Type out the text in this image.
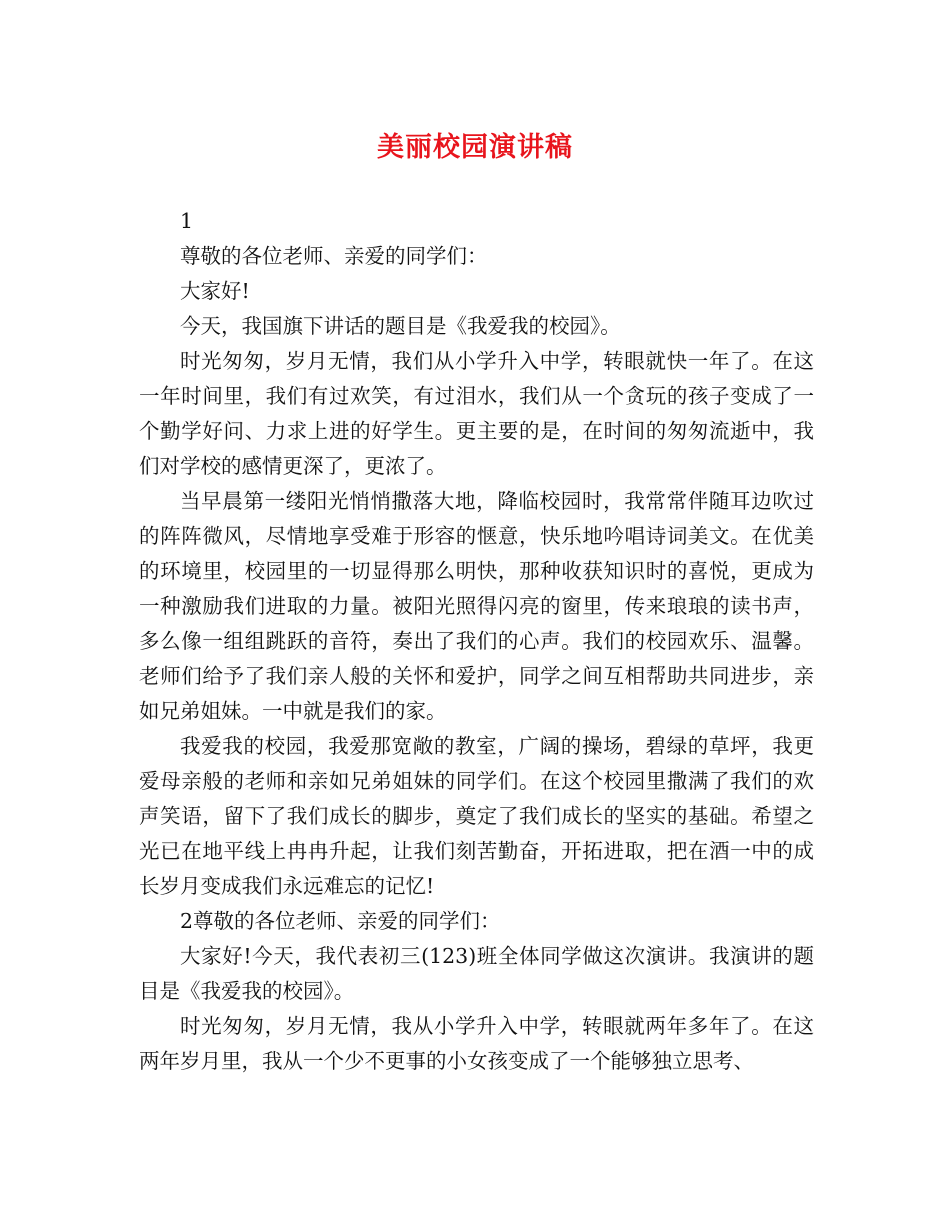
美丽校园演讲稿

1

尊敬的各位老师、亲爱的同学们：

大家好!

今天，我国旗下讲话的题目是《我爱我的校园》。

时光匆匆，岁月无情，我们从小学升入中学，转眼就快一年了。在这一年时间里，我们有过欢笑，有过泪水，我们从一个贪玩的孩子变成了一个勤学好问、力求上进的好学生。更主要的是，在时间的匆匆流逝中，我们对学校的感情更深了，更浓了。

当早晨第一缕阳光悄悄撒落大地，降临校园时，我常常伴随耳边吹过的阵阵微风，尽情地享受难于形容的惬意，快乐地吟唱诗词美文。在优美的环境里，校园里的一切显得那么明快，那种收获知识时的喜悦，更成为一种激励我们进取的力量。被阳光照得闪亮的窗里，传来琅琅的读书声，多么像一组组跳跃的音符，奏出了我们的心声。我们的校园欢乐、温馨。老师们给予了我们亲人般的关怀和爱护，同学之间互相帮助共同进步，亲如兄弟姐妹。一中就是我们的家。

我爱我的校园，我爱那宽敞的教室，广阔的操场，碧绿的草坪，我更爱母亲般的老师和亲如兄弟姐妹的同学们。在这个校园里撒满了我们的欢声笑语，留下了我们成长的脚步，奠定了我们成长的坚实的基础。希望之光已在地平线上冉冉升起，让我们刻苦勤奋，开拓进取，把在酒一中的成长岁月变成我们永远难忘的记忆!

2尊敬的各位老师、亲爱的同学们：

大家好!今天，我代表初三(123)班全体同学做这次演讲。我演讲的题目是《我爱我的校园》。

时光匆匆，岁月无情，我从小学升入中学，转眼就两年多年了。在这两年岁月里，我从一个少不更事的小女孩变成了一个能够独立思考、
